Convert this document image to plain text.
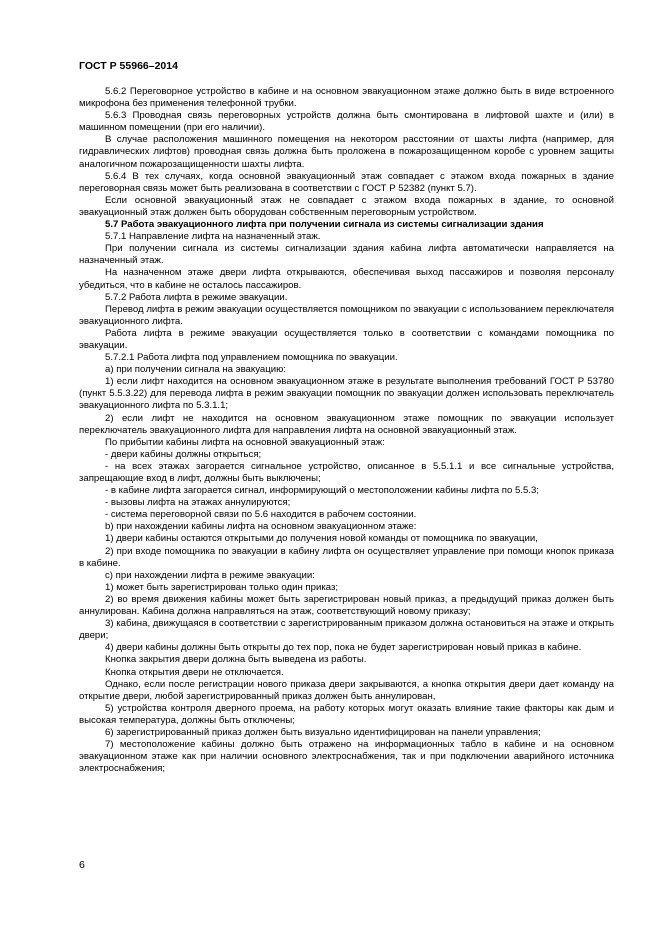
ГОСТ Р 55966–2014

5.6.2 Переговорное устройство в кабине и на основном эвакуационном этаже должно быть в виде встроенного микрофона без применения телефонной трубки.

5.6.3 Проводная связь переговорных устройств должна быть смонтирована в лифтовой шахте и (или) в машинном помещении (при его наличии).

В случае расположения машинного помещения на некотором расстоянии от шахты лифта (например, для гидравлических лифтов) проводная связь должна быть проложена в пожарозащищенном коробе с уровнем защиты аналогичном пожарозащищенности шахты лифта.

5.6.4 В тех случаях, когда основной эвакуационный этаж совпадает с этажом входа пожарных в здание переговорная связь может быть реализована в соответствии с ГОСТ Р 52382 (пункт 5.7).

Если основной эвакуационный этаж не совпадает с этажом входа пожарных в здание, то основной эвакуационный этаж должен быть оборудован собственным переговорным устройством.

5.7 Работа эвакуационного лифта при получении сигнала из системы сигнализации здания

5.7.1 Направление лифта на назначенный этаж.

При получении сигнала из системы сигнализации здания кабина лифта автоматически направляется на назначенный этаж.

На назначенном этаже двери лифта открываются, обеспечивая выход пассажиров и позволяя персоналу убедиться, что в кабине не осталось пассажиров.

5.7.2 Работа лифта в режиме эвакуации.

Перевод лифта в режим эвакуации осуществляется помощником по эвакуации с использованием переключателя эвакуационного лифта.

Работа лифта в режиме эвакуации осуществляется только в соответствии с командами помощника по эвакуации.

5.7.2.1 Работа лифта под управлением помощника по эвакуации.

а) при получении сигнала на эвакуацию:

1) если лифт находится на основном эвакуационном этаже в результате выполнения требований ГОСТ Р 53780 (пункт 5.5.3.22) для перевода лифта в режим эвакуации помощник по эвакуации должен использовать переключатель эвакуационного лифта по 5.3.1.1;

2) если лифт не находится на основном эвакуационном этаже помощник по эвакуации использует переключатель эвакуационного лифта для направления лифта на основной эвакуационный этаж.

По прибытии кабины лифта на основной эвакуационный этаж:

- двери кабины должны открыться;

- на всех этажах загорается сигнальное устройство, описанное в 5.5.1.1 и все сигнальные устройства, запрещающие вход в лифт, должны быть выключены;

- в кабине лифта загорается сигнал, информирующий о местоположении кабины лифта по 5.5.3;

- вызовы лифта на этажах аннулируются;

- система переговорной связи по 5.6 находится в рабочем состоянии.

b) при нахождении кабины лифта на основном эвакуационном этаже:

1) двери кабины остаются открытыми до получения новой команды от помощника по эвакуации,

2) при входе помощника по эвакуации в кабину лифта он осуществляет управление при помощи кнопок приказа в кабине.

с) при нахождении лифта в режиме эвакуации:

1) может быть зарегистрирован только один приказ;

2) во время движения кабины может быть зарегистрирован новый приказ, а предыдущий приказ должен быть аннулирован. Кабина должна направляться на этаж, соответствующий новому приказу;

3) кабина, движущаяся в соответствии с зарегистрированным приказом должна остановиться на этаже и открыть двери;

4) двери кабины должны быть открыты до тех пор, пока не будет зарегистрирован новый приказ в кабине.

Кнопка закрытия двери должна быть выведена из работы.

Кнопка открытия двери не отключается.

Однако, если после регистрации нового приказа двери закрываются, а кнопка открытия двери дает команду на открытие двери, любой зарегистрированный приказ должен быть аннулирован,

5) устройства контроля дверного проема, на работу которых могут оказать влияние такие факторы как дым и высокая температура, должны быть отключены;

6) зарегистрированный приказ должен быть визуально идентифицирован на панели управления;

7) местоположение кабины должно быть отражено на информационных табло в кабине и на основном эвакуационном этаже как при наличии основного электроснабжения, так и при подключении аварийного источника электроснабжения;

6
